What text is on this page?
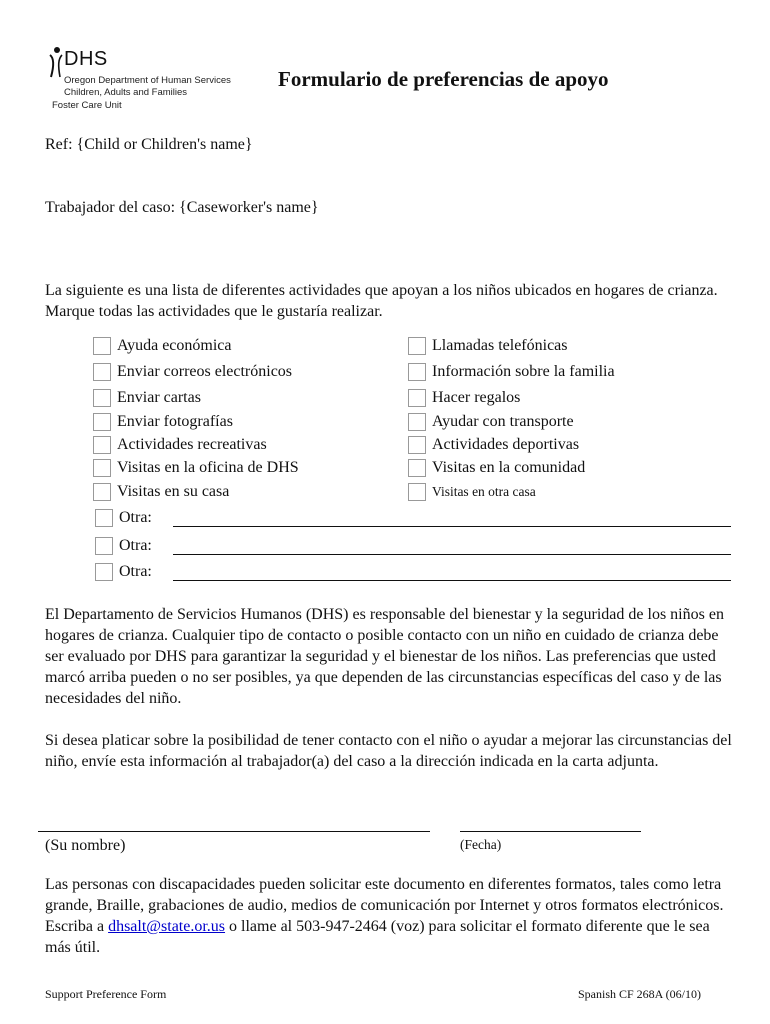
DHS
Oregon Department of Human Services
Children, Adults and Families
Foster Care Unit
Formulario de preferencias de apoyo
Ref: {Child or Children's name}
Trabajador del caso: {Caseworker's name}
La siguiente es una lista de diferentes actividades que apoyan a los niños ubicados en hogares de crianza. Marque todas las actividades que le gustaría realizar.
Ayuda económica
Enviar correos electrónicos
Enviar cartas
Enviar fotografías
Actividades recreativas
Visitas en la oficina de DHS
Visitas en su casa
Llamadas telefónicas
Información sobre la familia
Hacer regalos
Ayudar con transporte
Actividades deportivas
Visitas en la comunidad
Visitas en otra casa
Otra:
Otra:
Otra:
El Departamento de Servicios Humanos (DHS) es responsable del bienestar y la seguridad de los niños en hogares de crianza. Cualquier tipo de contacto o posible contacto con un niño en cuidado de crianza debe ser evaluado por DHS para garantizar la seguridad y el bienestar de los niños. Las preferencias que usted marcó arriba pueden o no ser posibles, ya que dependen de las circunstancias específicas del caso y de las necesidades del niño.
Si desea platicar sobre la posibilidad de tener contacto con el niño o ayudar a mejorar las circunstancias del niño, envíe esta información al trabajador(a) del caso a la dirección indicada en la carta adjunta.
(Su nombre)	(Fecha)
Las personas con discapacidades pueden solicitar este documento en diferentes formatos, tales como letra grande, Braille, grabaciones de audio, medios de comunicación por Internet y otros formatos electrónicos. Escriba a dhsalt@state.or.us o llame al 503-947-2464 (voz) para solicitar el formato diferente que le sea más útil.
Support Preference Form	Spanish CF 268A (06/10)
